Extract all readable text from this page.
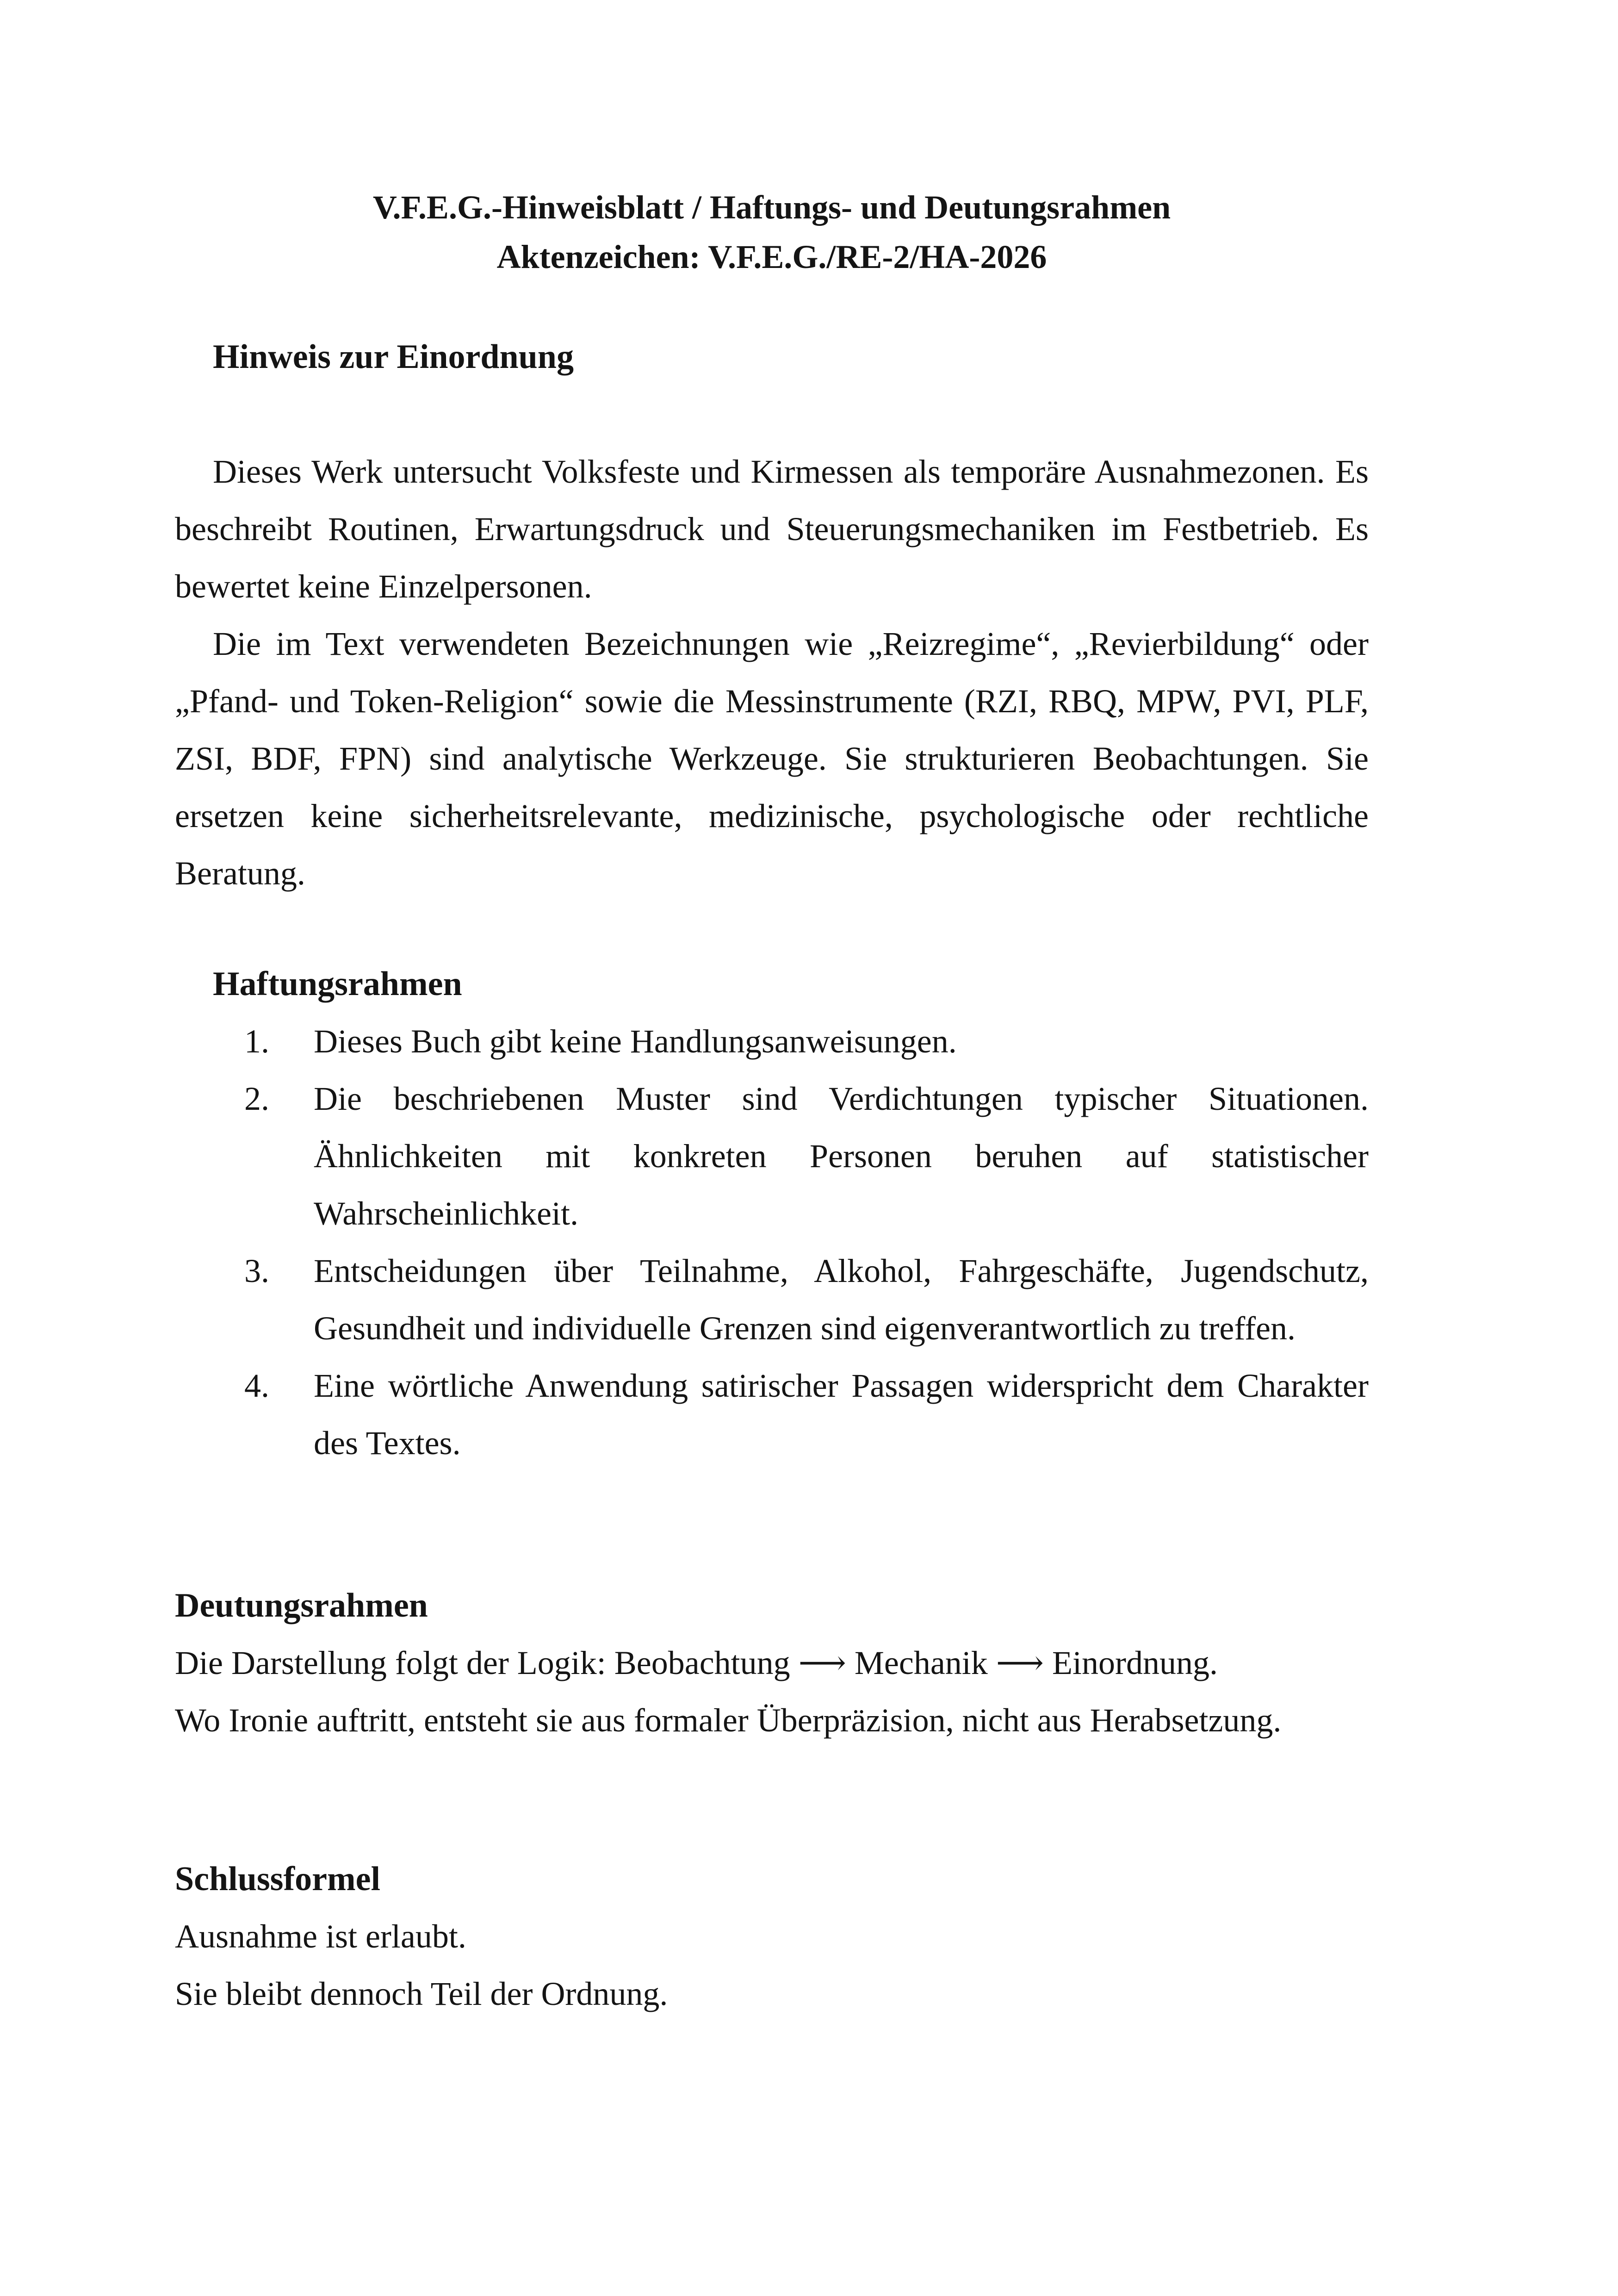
V.F.E.G.-Hinweisblatt / Haftungs- und Deutungsrahmen
Aktenzeichen: V.F.E.G./RE-2/HA-2026
Hinweis zur Einordnung

Dieses Werk untersucht Volksfeste und Kirmessen als temporäre Ausnahmezonen. Es beschreibt Routinen, Erwartungsdruck und Steuerungsmechaniken im Festbetrieb. Es bewertet keine Einzelpersonen.

Die im Text verwendeten Bezeichnungen wie „Reizregime“, „Revierbildung“ oder „Pfand- und Token-Religion“ sowie die Messinstrumente (RZI, RBQ, MPW, PVI, PLF, ZSI, BDF, FPN) sind analytische Werkzeuge. Sie strukturieren Beobachtungen. Sie ersetzen keine sicherheitsrelevante, medizinische, psychologische oder rechtliche Beratung.

Haftungsrahmen
1.	Dieses Buch gibt keine Handlungsanweisungen.
2.	Die beschriebenen Muster sind Verdichtungen typischer Situationen. Ähnlichkeiten mit konkreten Personen beruhen auf statistischer Wahrscheinlichkeit.
3.	Entscheidungen über Teilnahme, Alkohol, Fahrgeschäfte, Jugendschutz, Gesundheit und individuelle Grenzen sind eigenverantwortlich zu treffen.
4.	Eine wörtliche Anwendung satirischer Passagen widerspricht dem Charakter des Textes.
Deutungsrahmen
Die Darstellung folgt der Logik: Beobachtung ⟶ Mechanik ⟶ Einordnung.
Wo Ironie auftritt, entsteht sie aus formaler Überpräzision, nicht aus Herabsetzung.
Schlussformel
Ausnahme ist erlaubt.
Sie bleibt dennoch Teil der Ordnung.
